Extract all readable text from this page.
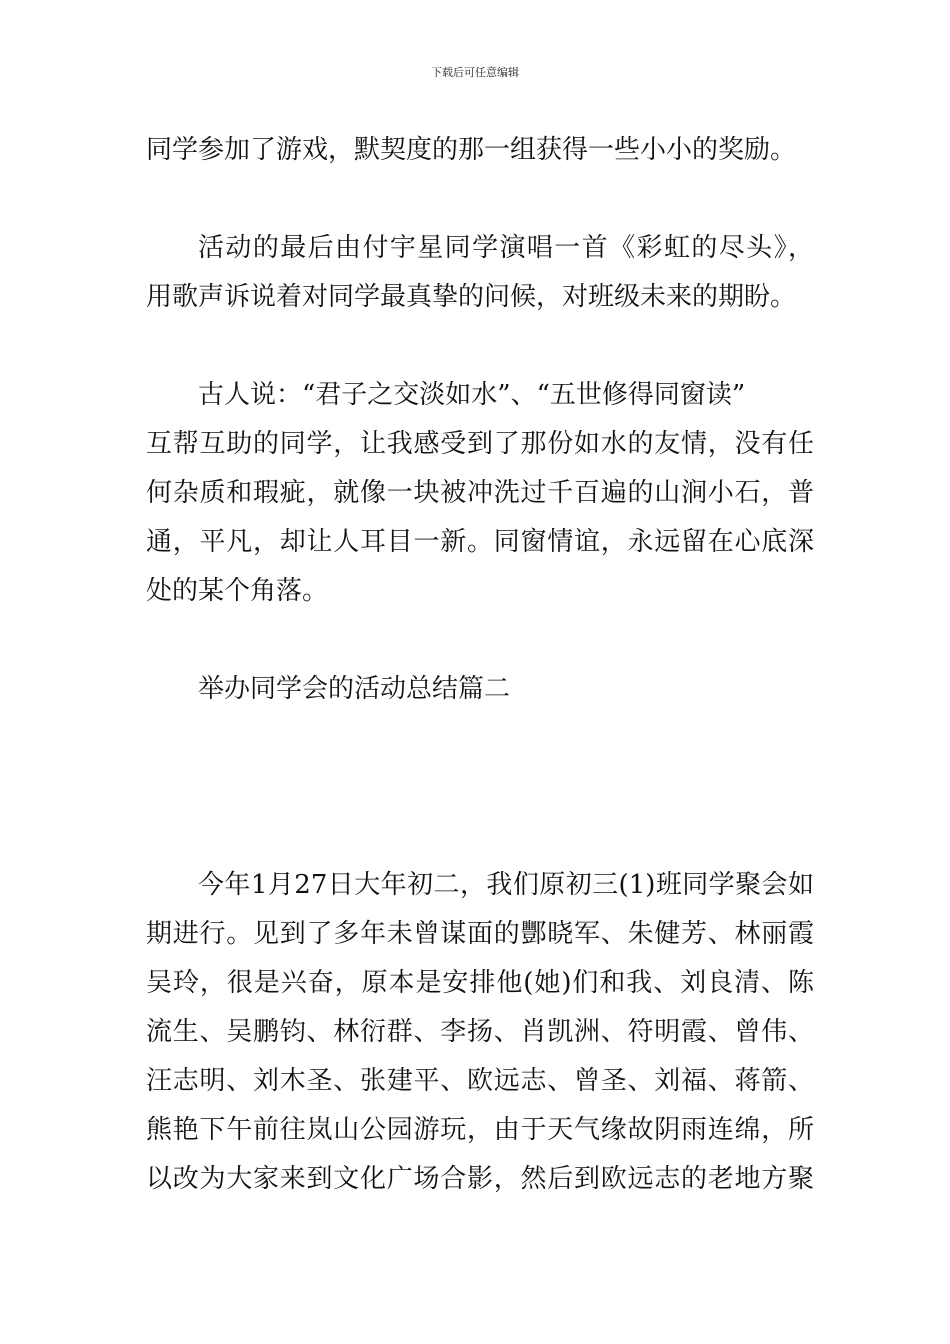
下载后可任意编辑
同学参加了游戏，默契度的那一组获得一些小小的奖励。
活动的最后由付宇星同学演唱一首《彩虹的尽头》，
用歌声诉说着对同学最真挚的问候，对班级未来的期盼。
古人说：“君子之交淡如水”、“五世修得同窗读”
互帮互助的同学，让我感受到了那份如水的友情，没有任
何杂质和瑕疵，就像一块被冲洗过千百遍的山涧小石，普
通，平凡，却让人耳目一新。同窗情谊，永远留在心底深
处的某个角落。
举办同学会的活动总结篇二
今年1月27日大年初二，我们原初三(1)班同学聚会如
期进行。见到了多年未曾谋面的酆晓军、朱健芳、林丽霞
吴玲，很是兴奋，原本是安排他(她)们和我、刘良清、陈
流生、吴鹏钧、林衍群、李扬、肖凯洲、符明霞、曾伟、
汪志明、刘木圣、张建平、欧远志、曾圣、刘福、蒋箭、
熊艳下午前往岚山公园游玩，由于天气缘故阴雨连绵，所
以改为大家来到文化广场合影，然后到欧远志的老地方聚
